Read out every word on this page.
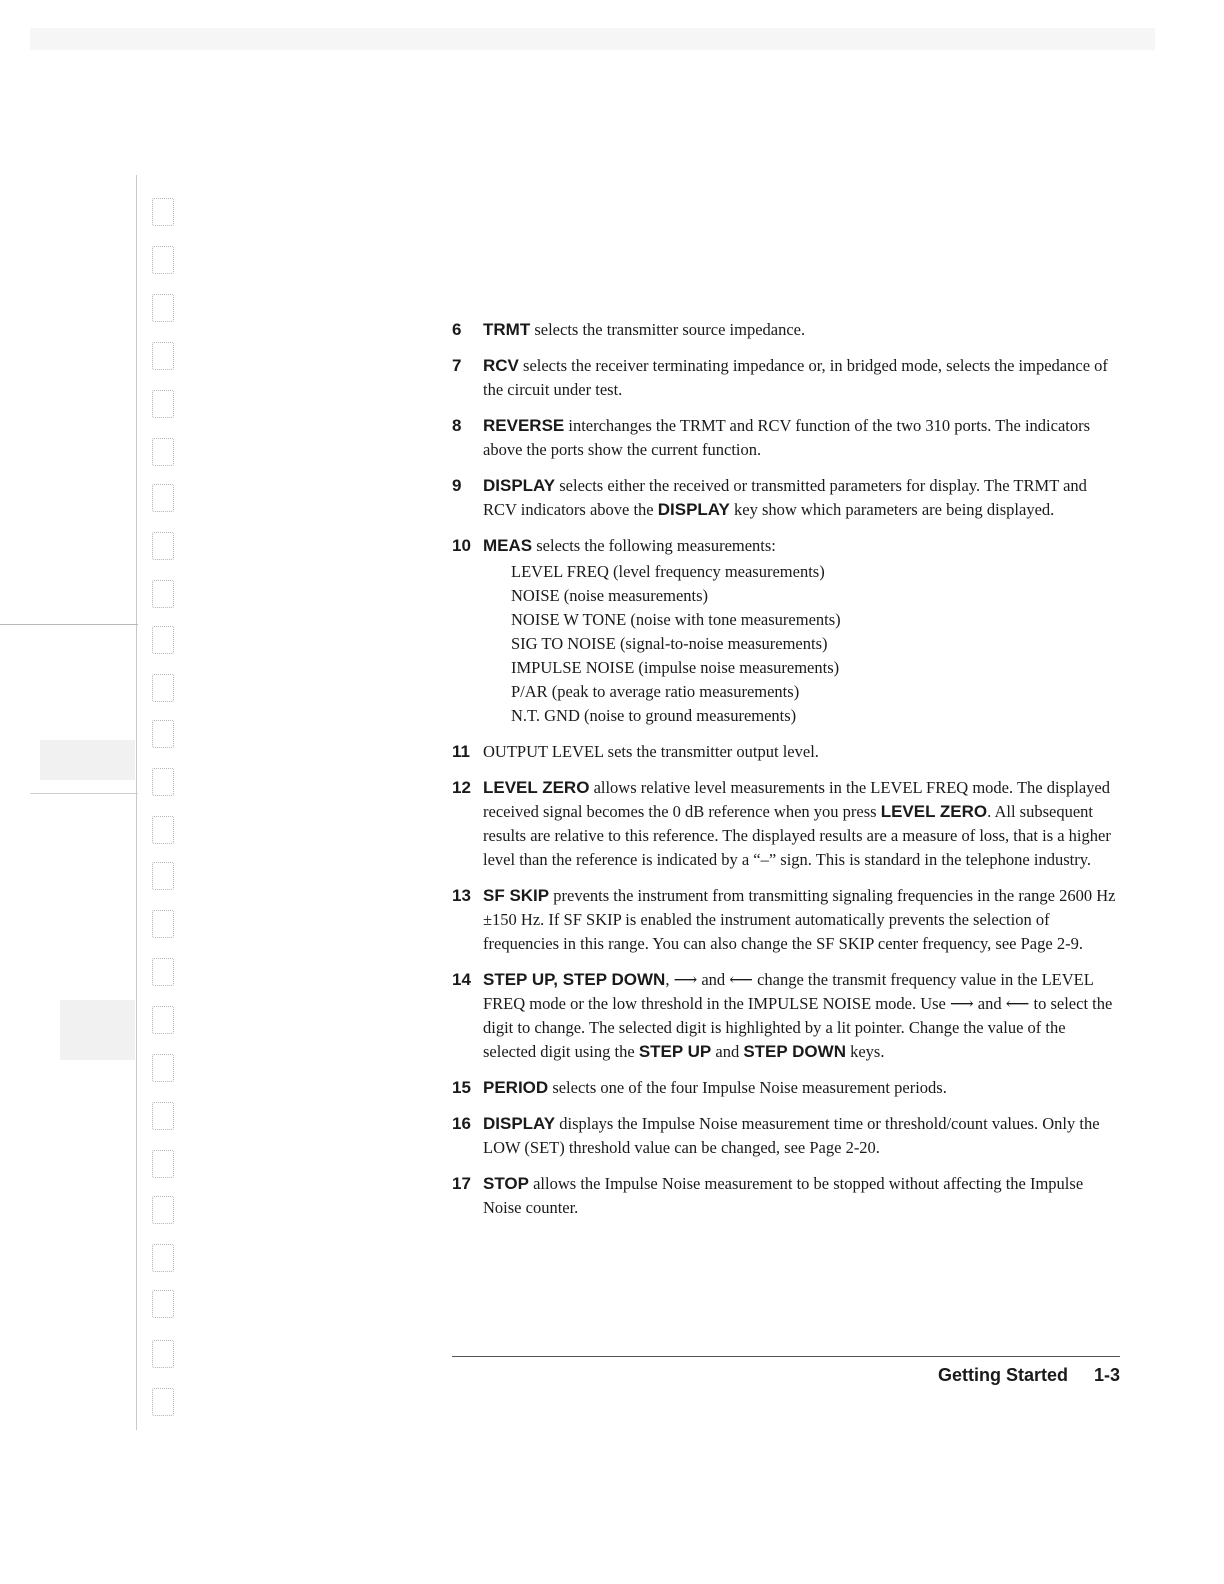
6 TRMT selects the transmitter source impedance.
7 RCV selects the receiver terminating impedance or, in bridged mode, selects the impedance of the circuit under test.
8 REVERSE interchanges the TRMT and RCV function of the two 310 ports. The indicators above the ports show the current function.
9 DISPLAY selects either the received or transmitted parameters for display. The TRMT and RCV indicators above the DISPLAY key show which parameters are being displayed.
10 MEAS selects the following measurements:
LEVEL FREQ (level frequency measurements)
NOISE (noise measurements)
NOISE W TONE (noise with tone measurements)
SIG TO NOISE (signal-to-noise measurements)
IMPULSE NOISE (impulse noise measurements)
P/AR (peak to average ratio measurements)
N.T. GND (noise to ground measurements)
11 OUTPUT LEVEL sets the transmitter output level.
12 LEVEL ZERO allows relative level measurements in the LEVEL FREQ mode. The displayed received signal becomes the 0 dB reference when you press LEVEL ZERO. All subsequent results are relative to this reference. The displayed results are a measure of loss, that is a higher level than the reference is indicated by a “–” sign. This is standard in the telephone industry.
13 SF SKIP prevents the instrument from transmitting signaling frequencies in the range 2600 Hz ±150 Hz. If SF SKIP is enabled the instrument automatically prevents the selection of frequencies in this range. You can also change the SF SKIP center frequency, see Page 2-9.
14 STEP UP, STEP DOWN, ⟶ and ⟵ change the transmit frequency value in the LEVEL FREQ mode or the low threshold in the IMPULSE NOISE mode. Use ⟶ and ⟵ to select the digit to change. The selected digit is highlighted by a lit pointer. Change the value of the selected digit using the STEP UP and STEP DOWN keys.
15 PERIOD selects one of the four Impulse Noise measurement periods.
16 DISPLAY displays the Impulse Noise measurement time or threshold/count values. Only the LOW (SET) threshold value can be changed, see Page 2-20.
17 STOP allows the Impulse Noise measurement to be stopped without affecting the Impulse Noise counter.
Getting Started 1-3
